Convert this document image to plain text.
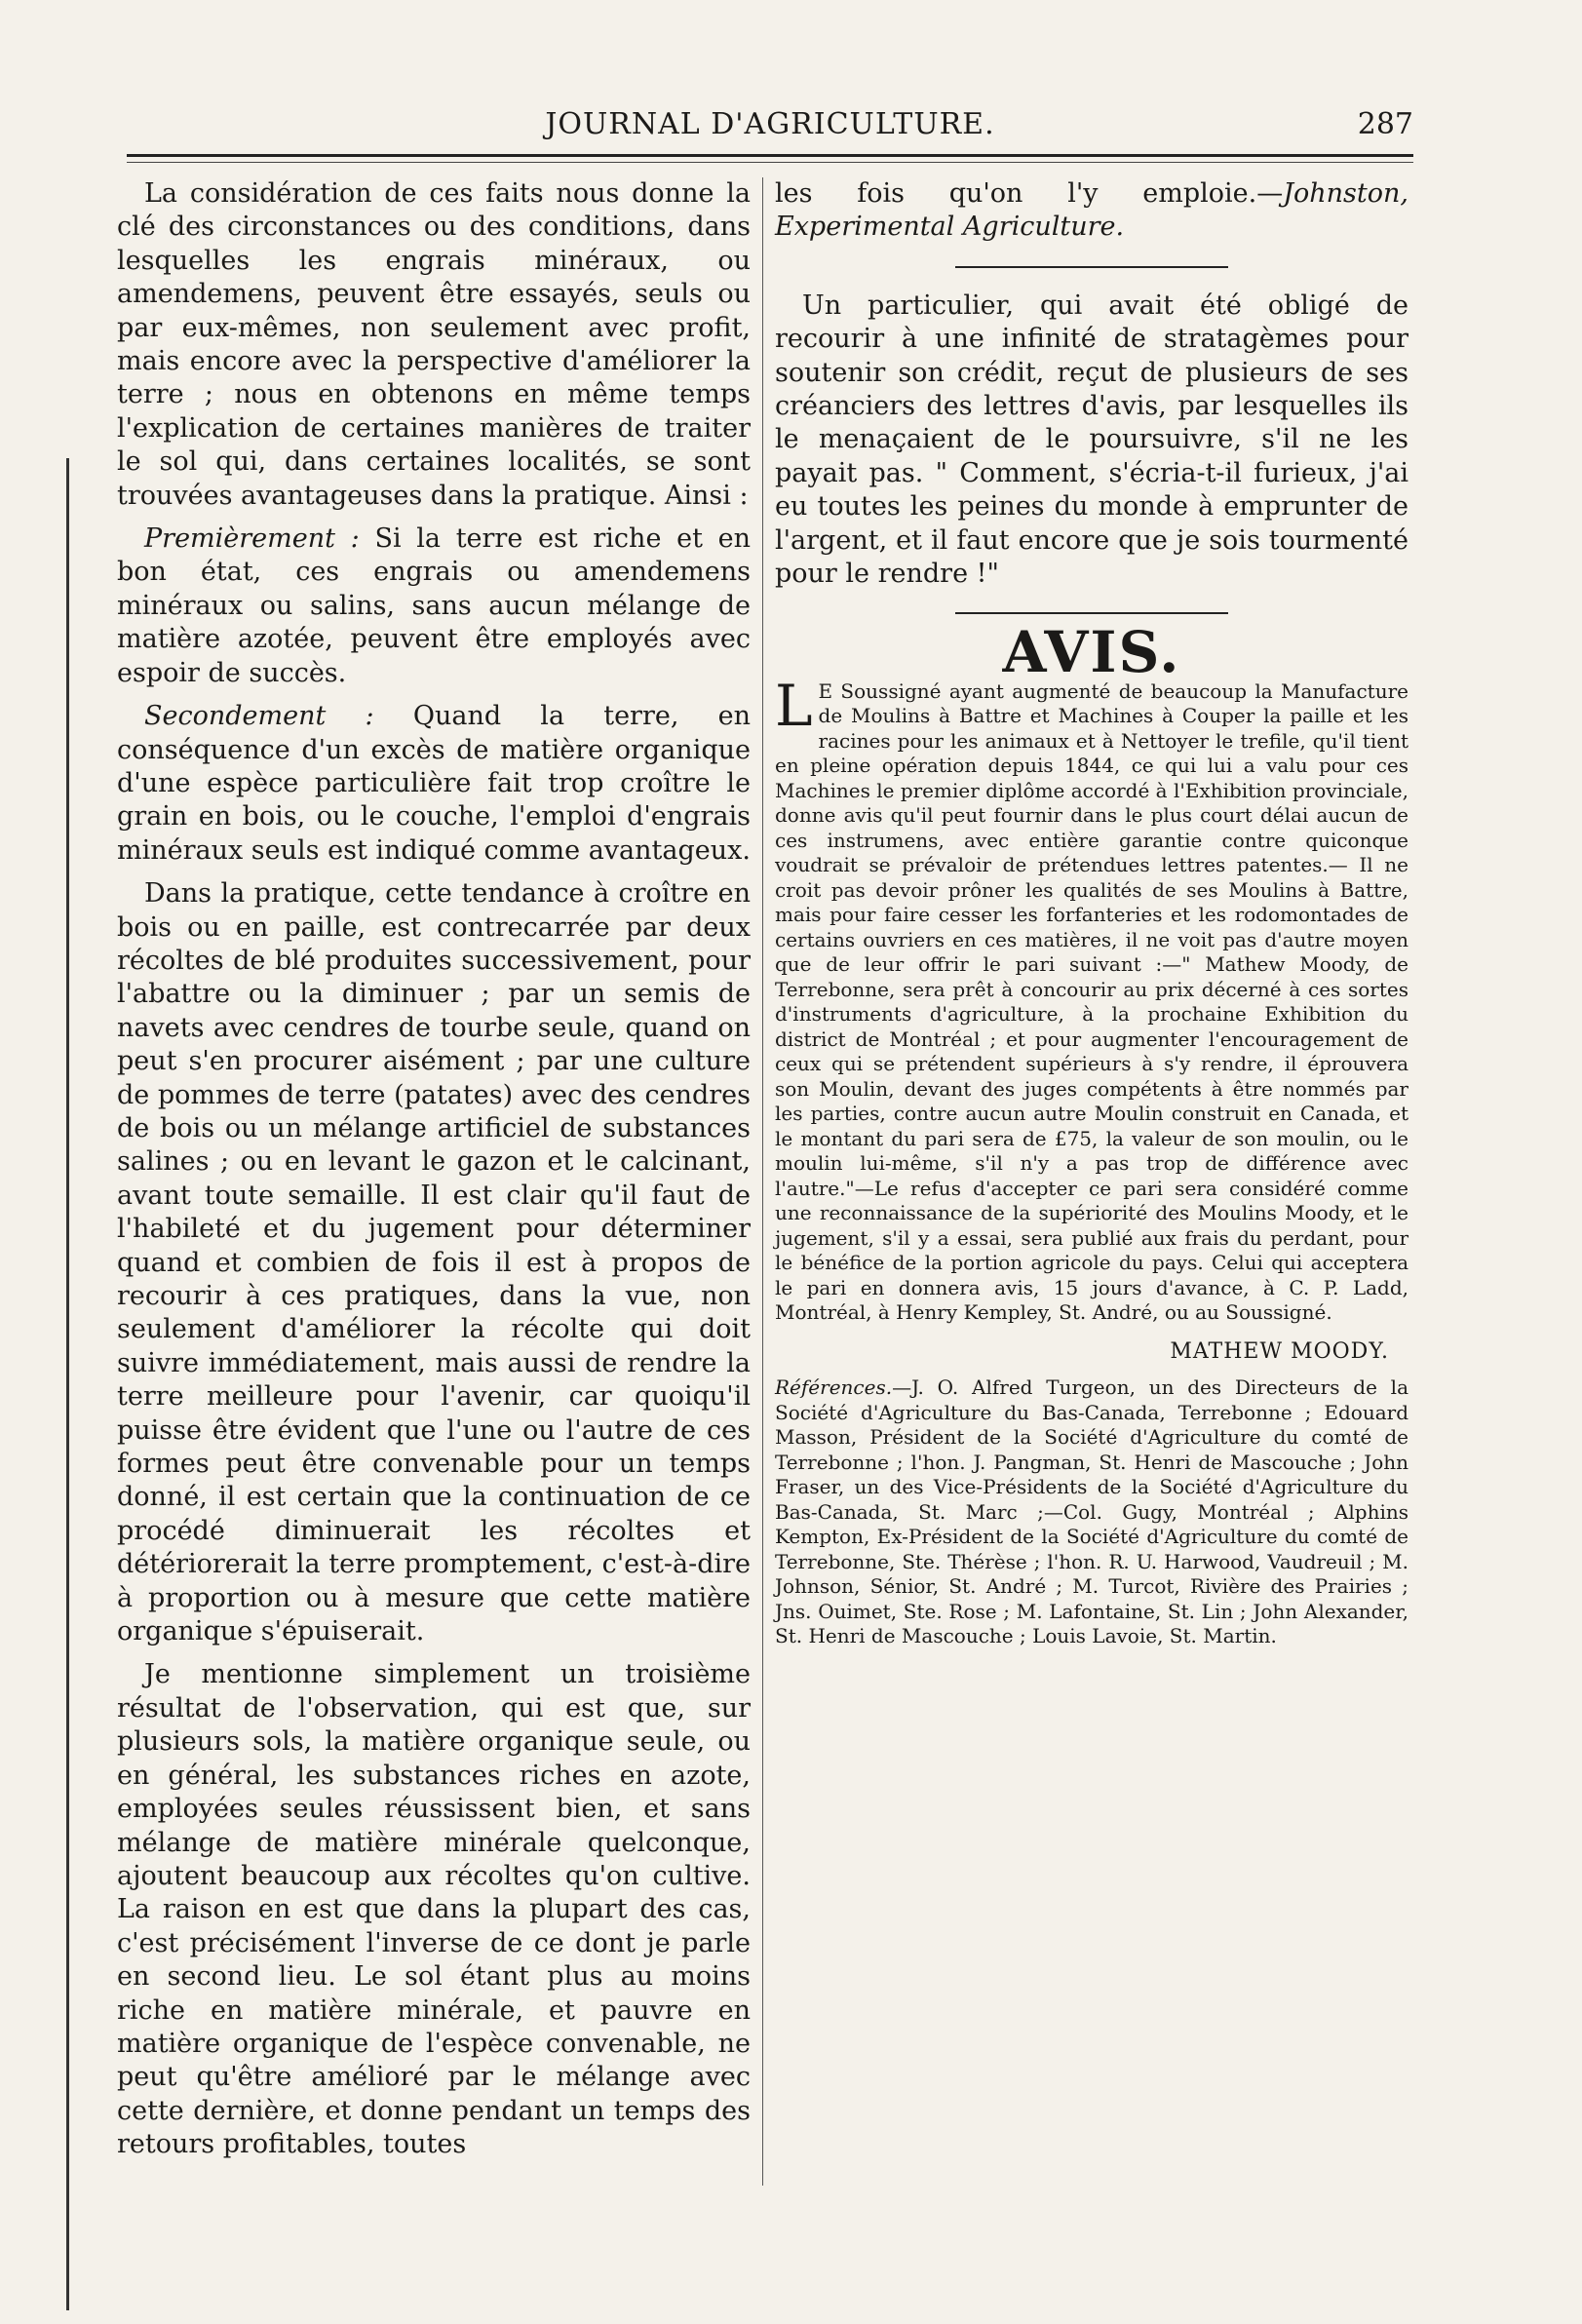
JOURNAL D'AGRICULTURE.	287

La considération de ces faits nous donne la clé des circonstances ou des conditions, dans lesquelles les engrais minéraux, ou amendemens, peuvent être essayés, seuls ou par eux-mêmes, non seulement avec profit, mais encore avec la perspective d'améliorer la terre ; nous en obtenons en même temps l'explication de certaines manières de traiter le sol qui, dans certaines localités, se sont trouvées avantageuses dans la pratique. Ainsi :

Premièrement : Si la terre est riche et en bon état, ces engrais ou amendemens minéraux ou salins, sans aucun mélange de matière azotée, peuvent être employés avec espoir de succès.

Secondement : Quand la terre, en conséquence d'un excès de matière organique d'une espèce particulière fait trop croître le grain en bois, ou le couche, l'emploi d'engrais minéraux seuls est indiqué comme avantageux.

Dans la pratique, cette tendance à croître en bois ou en paille, est contrecarrée par deux récoltes de blé produites successivement, pour l'abattre ou la diminuer ; par un semis de navets avec cendres de tourbe seule, quand on peut s'en procurer aisément ; par une culture de pommes de terre (patates) avec des cendres de bois ou un mélange artificiel de substances salines ; ou en levant le gazon et le calcinant, avant toute semaille. Il est clair qu'il faut de l'habileté et du jugement pour déterminer quand et combien de fois il est à propos de recourir à ces pratiques, dans la vue, non seulement d'améliorer la récolte qui doit suivre immédiatement, mais aussi de rendre la terre meilleure pour l'avenir, car quoiqu'il puisse être évident que l'une ou l'autre de ces formes peut être convenable pour un temps donné, il est certain que la continuation de ce procédé diminuerait les récoltes et détériorerait la terre promptement, c'est-à-dire à proportion ou à mesure que cette matière organique s'épuiserait.

Je mentionne simplement un troisième résultat de l'observation, qui est que, sur plusieurs sols, la matière organique seule, ou en général, les substances riches en azote, employées seules réussissent bien, et sans mélange de matière minérale quelconque, ajoutent beaucoup aux récoltes qu'on cultive. La raison en est que dans la plupart des cas, c'est précisément l'inverse de ce dont je parle en second lieu. Le sol étant plus au moins riche en matière minérale, et pauvre en matière organique de l'espèce convenable, ne peut qu'être amélioré par le mélange avec cette dernière, et donne pendant un temps des retours profitables, toutes

les fois qu'on l'y emploie.—Johnston, Experimental Agriculture.

Un particulier, qui avait été obligé de recourir à une infinité de stratagèmes pour soutenir son crédit, reçut de plusieurs de ses créanciers des lettres d'avis, par lesquelles ils le menaçaient de le poursuivre, s'il ne les payait pas. " Comment, s'écria-t-il furieux, j'ai eu toutes les peines du monde à emprunter de l'argent, et il faut encore que je sois tourmenté pour le rendre !"

AVIS.

L E Soussigné ayant augmenté de beaucoup la Manufacture de Moulins à Battre et Machines à Couper la paille et les racines pour les animaux et à Nettoyer le trefile, qu'il tient en pleine opération depuis 1844, ce qui lui a valu pour ces Machines le premier diplôme accordé à l'Exhibition provinciale, donne avis qu'il peut fournir dans le plus court délai aucun de ces instrumens, avec entière garantie contre quiconque voudrait se prévaloir de prétendues lettres patentes.— Il ne croit pas devoir prôner les qualités de ses Moulins à Battre, mais pour faire cesser les forfanteries et les rodomontades de certains ouvriers en ces matières, il ne voit pas d'autre moyen que de leur offrir le pari suivant :—" Mathew Moody, de Terrebonne, sera prêt à concourir au prix décerné à ces sortes d'instruments d'agriculture, à la prochaine Exhibition du district de Montréal ; et pour augmenter l'encouragement de ceux qui se prétendent supérieurs à s'y rendre, il éprouvera son Moulin, devant des juges compétents à être nommés par les parties, contre aucun autre Moulin construit en Canada, et le montant du pari sera de £75, la valeur de son moulin, ou le moulin lui-même, s'il n'y a pas trop de différence avec l'autre."—Le refus d'accepter ce pari sera considéré comme une reconnaissance de la supériorité des Moulins Moody, et le jugement, s'il y a essai, sera publié aux frais du perdant, pour le bénéfice de la portion agricole du pays. Celui qui acceptera le pari en donnera avis, 15 jours d'avance, à C. P. Ladd, Montréal, à Henry Kempley, St. André, ou au Soussigné.

MATHEW MOODY.

Références.—J. O. Alfred Turgeon, un des Directeurs de la Société d'Agriculture du Bas-Canada, Terrebonne ; Edouard Masson, Président de la Société d'Agriculture du comté de Terrebonne ; l'hon. J. Pangman, St. Henri de Mascouche ; John Fraser, un des Vice-Présidents de la Société d'Agriculture du Bas-Canada, St. Marc ;—Col. Gugy, Montréal ; Alphins Kempton, Ex-Président de la Société d'Agriculture du comté de Terrebonne, Ste. Thérèse ; l'hon. R. U. Harwood, Vaudreuil ; M. Johnson, Sénior, St. André ; M. Turcot, Rivière des Prairies ; Jns. Ouimet, Ste. Rose ; M. Lafontaine, St. Lin ; John Alexander, St. Henri de Mascouche ; Louis Lavoie, St. Martin.
